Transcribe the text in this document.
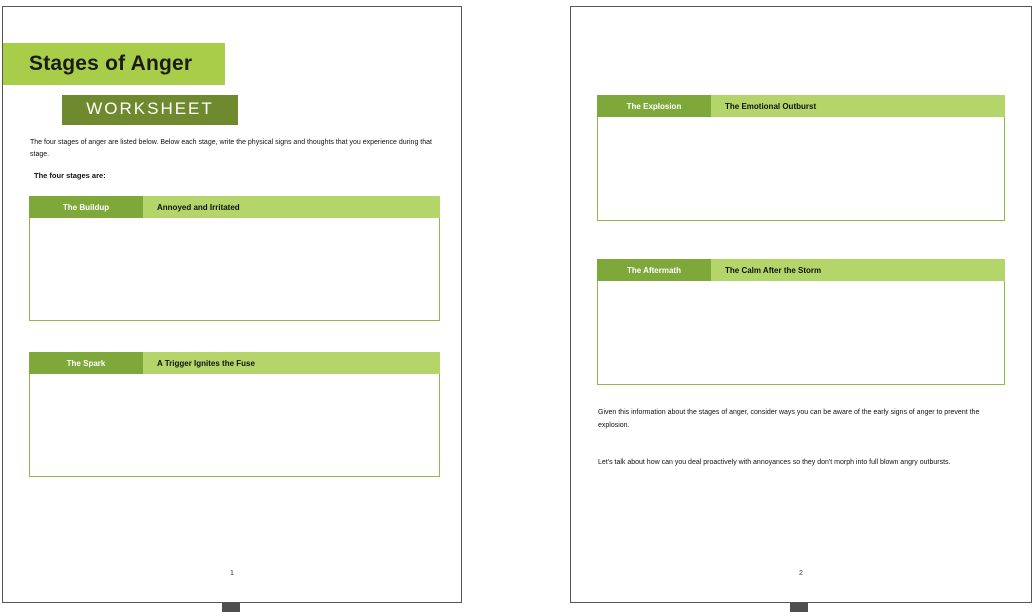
Stages of Anger
WORKSHEET
The four stages of anger are listed below. Below each stage, write the physical signs and thoughts that you experience during that stage.
The four stages are:
The Buildup	Annoyed and Irritated
The Spark	A Trigger Ignites the Fuse
1
The Explosion	The Emotional Outburst
The Aftermath	The Calm After the Storm
Given this information about the stages of anger, consider ways you can be aware of the early signs of anger to prevent the explosion.
Let's talk about how can you deal proactively with annoyances so they don't morph into full blown angry outbursts.
2
